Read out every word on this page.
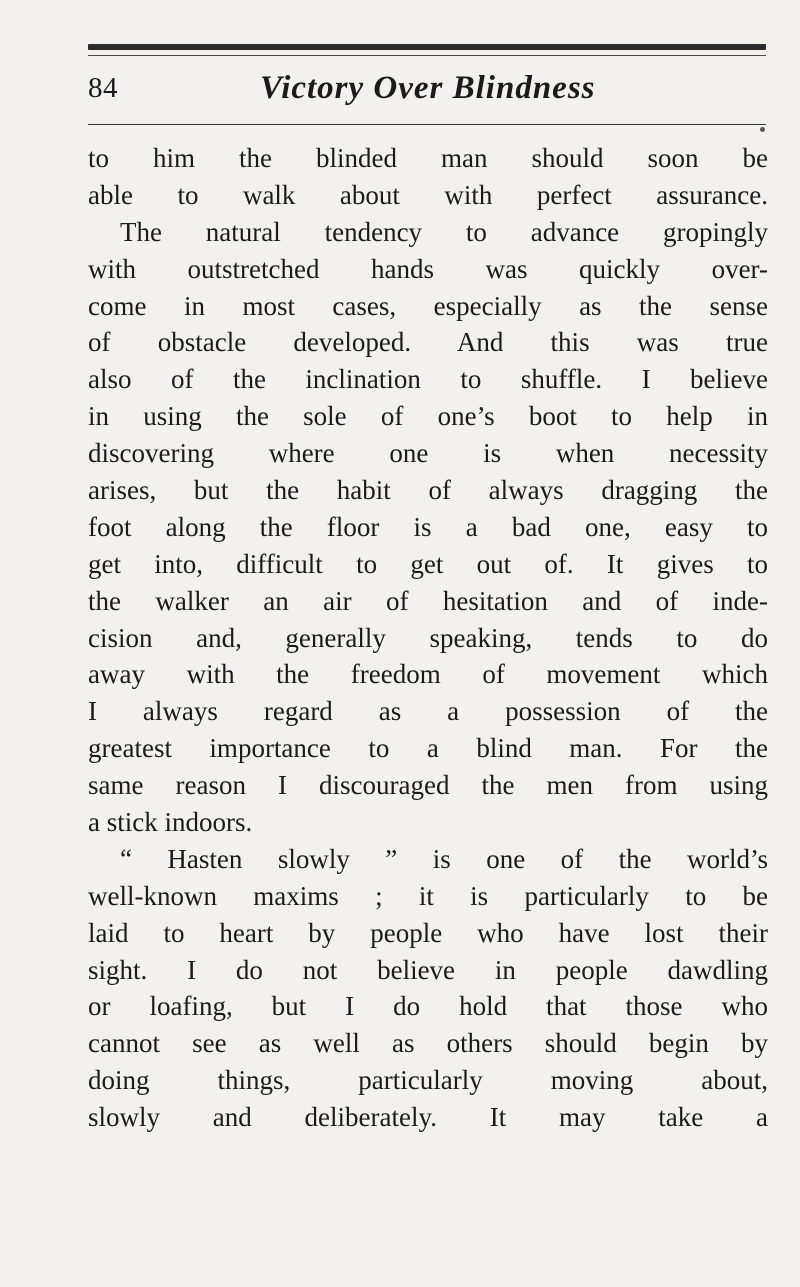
84	Victory Over Blindness
to him the blinded man should soon be
able to walk about with perfect assurance.
The natural tendency to advance gropingly
with outstretched hands was quickly over-
come in most cases, especially as the sense
of obstacle developed. And this was true
also of the inclination to shuffle. I believe
in using the sole of one’s boot to help in
discovering where one is when necessity
arises, but the habit of always dragging the
foot along the floor is a bad one, easy to
get into, difficult to get out of. It gives to
the walker an air of hesitation and of inde-
cision and, generally speaking, tends to do
away with the freedom of movement which
I always regard as a possession of the
greatest importance to a blind man. For the
same reason I discouraged the men from using
a stick indoors.
“ Hasten slowly ” is one of the world’s
well-known maxims ; it is particularly to be
laid to heart by people who have lost their
sight. I do not believe in people dawdling
or loafing, but I do hold that those who
cannot see as well as others should begin by
doing things, particularly moving about,
slowly and deliberately. It may take a
